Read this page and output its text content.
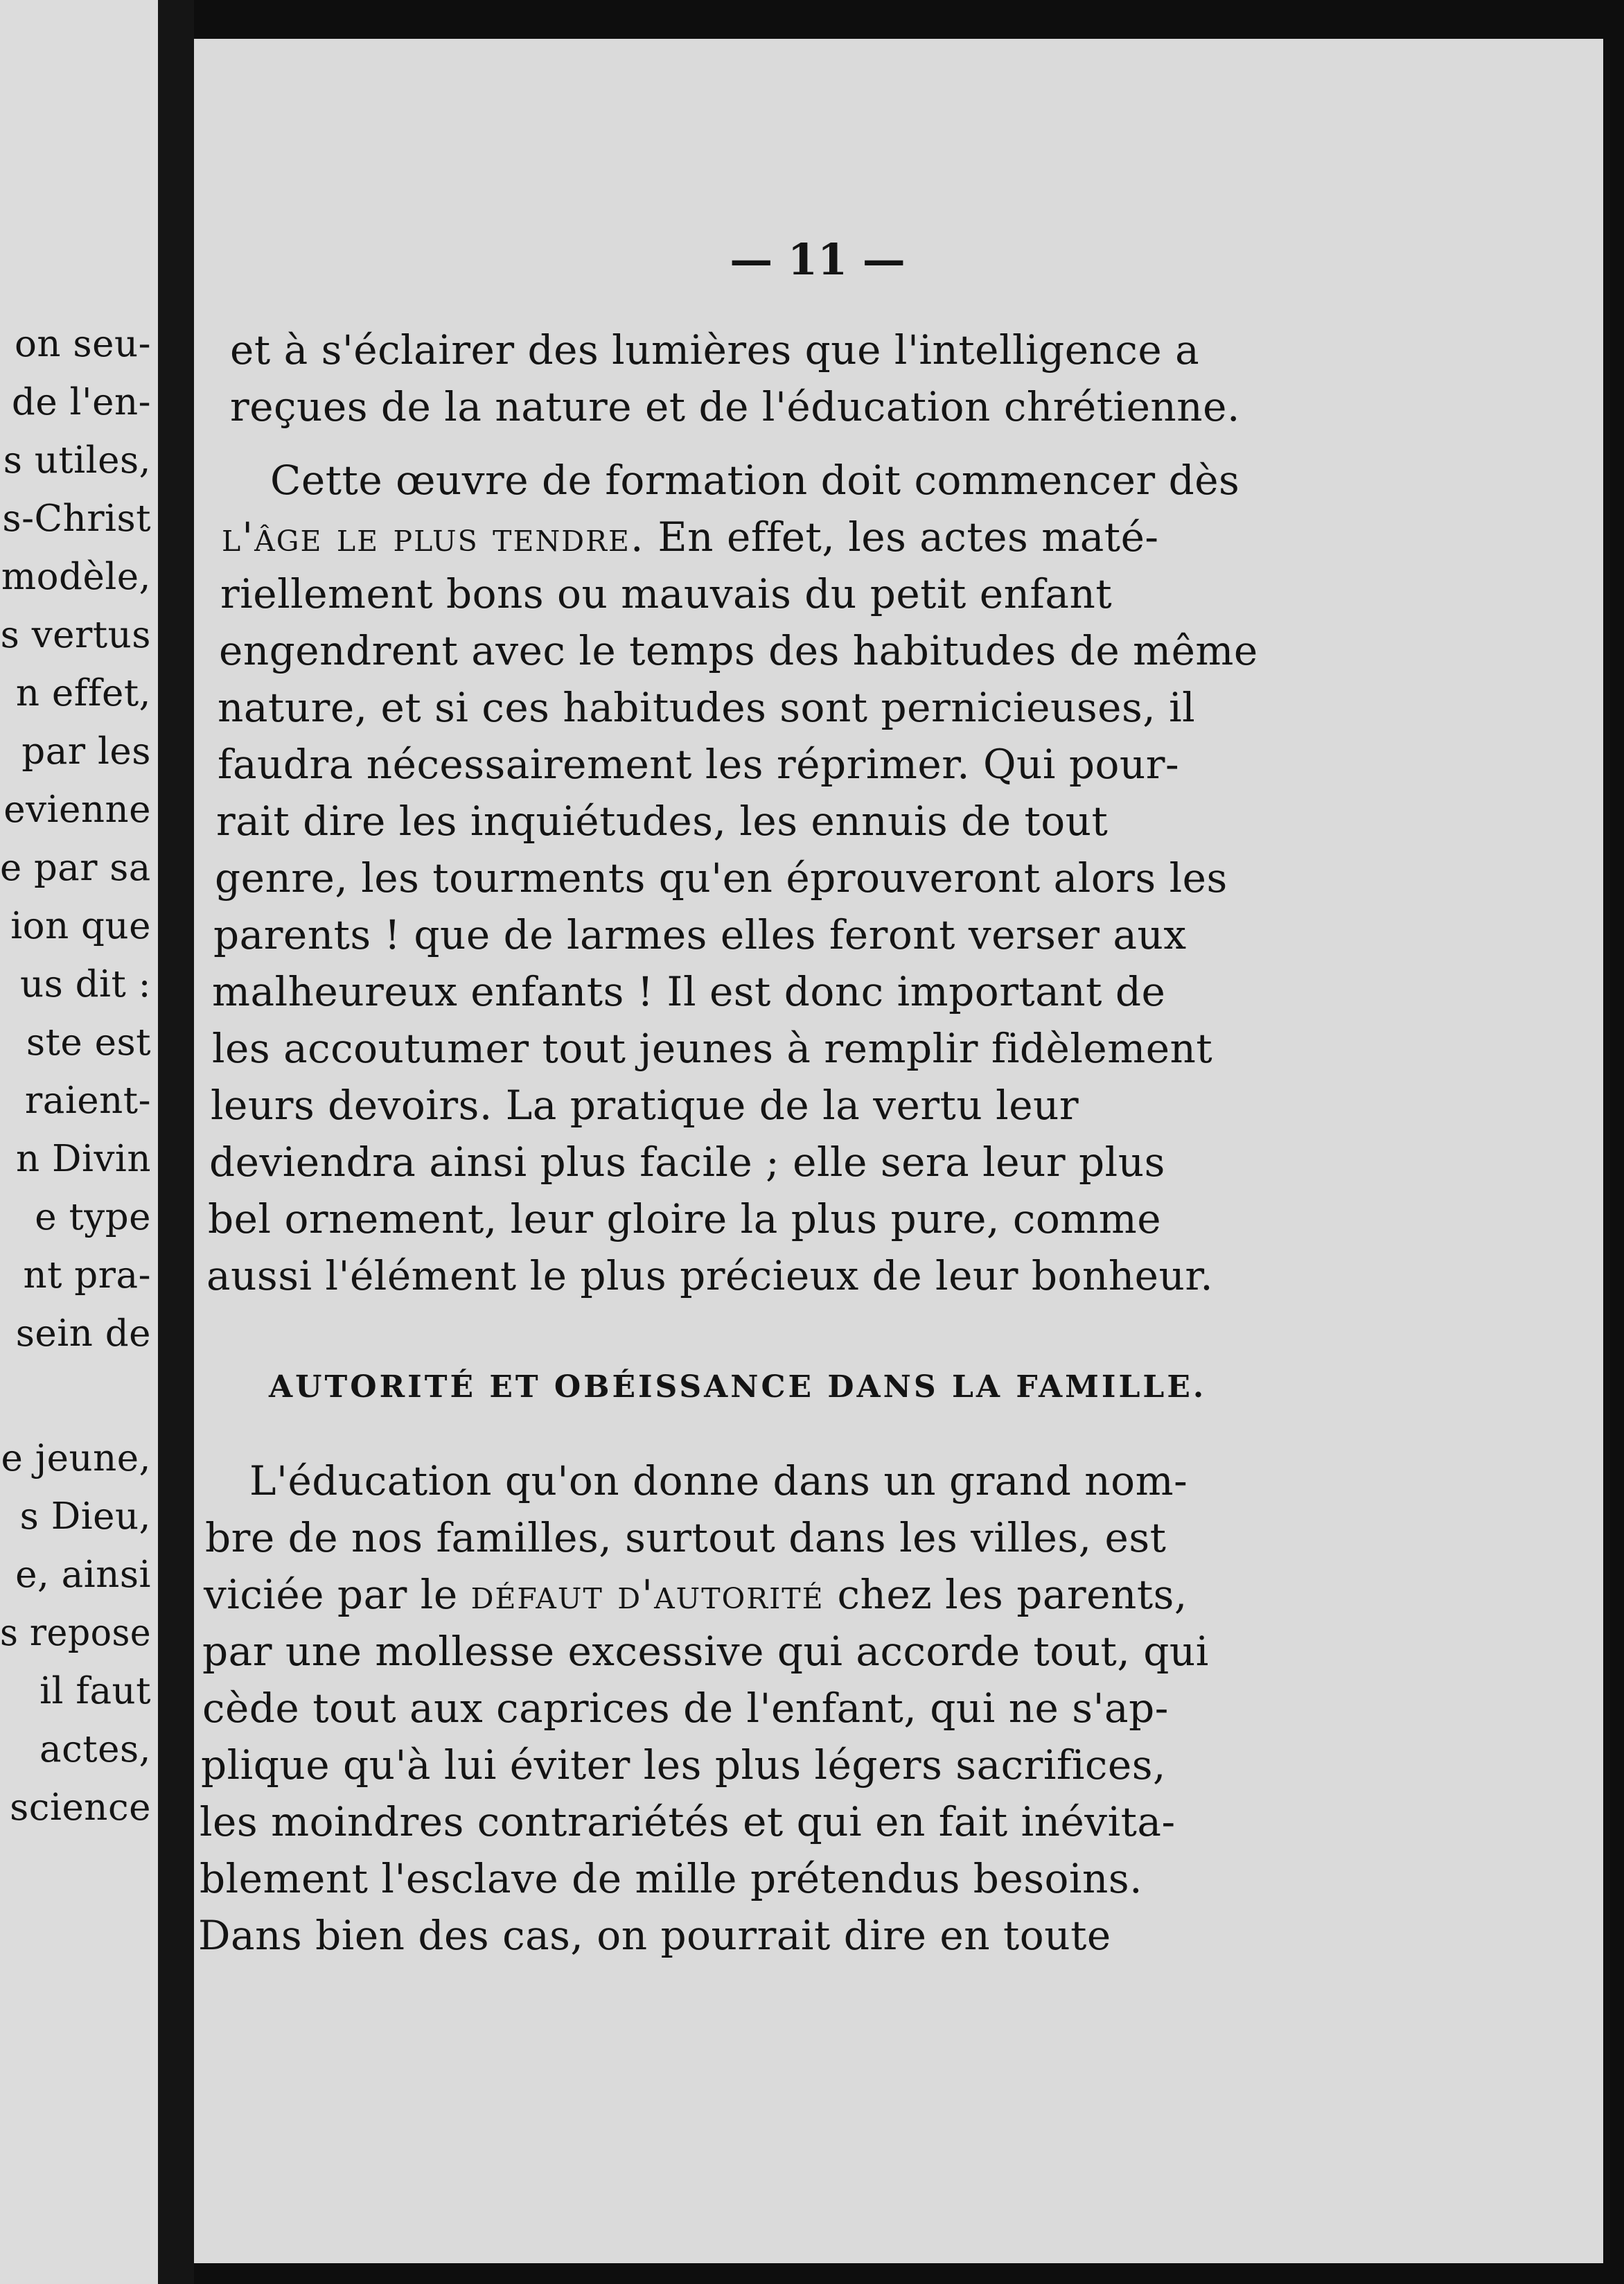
on seu-
de l'en-
s utiles,
s-Christ
modèle,
s vertus
n effet,
par les
evienne
e par sa
ion que
us dit :
ste est
raient-
n Divin
e type
nt pra-
sein de
e jeune,
s Dieu,
e, ainsi
s repose
il faut
actes,
science
— 11 —
et à s'éclairer des lumières que l'intelligence a
reçues de la nature et de l'éducation chrétienne.
Cette œuvre de formation doit commencer dès
l'âge le plus tendre. En effet, les actes maté-
riellement bons ou mauvais du petit enfant
engendrent avec le temps des habitudes de même
nature, et si ces habitudes sont pernicieuses, il
faudra nécessairement les réprimer. Qui pour-
rait dire les inquiétudes, les ennuis de tout
genre, les tourments qu'en éprouveront alors les
parents ! que de larmes elles feront verser aux
malheureux enfants ! Il est donc important de
les accoutumer tout jeunes à remplir fidèlement
leurs devoirs. La pratique de la vertu leur
deviendra ainsi plus facile ; elle sera leur plus
bel ornement, leur gloire la plus pure, comme
aussi l'élément le plus précieux de leur bonheur.
AUTORITÉ ET OBÉISSANCE DANS LA FAMILLE.
L'éducation qu'on donne dans un grand nom-
bre de nos familles, surtout dans les villes, est
viciée par le défaut d'autorité chez les parents,
par une mollesse excessive qui accorde tout, qui
cède tout aux caprices de l'enfant, qui ne s'ap-
plique qu'à lui éviter les plus légers sacrifices,
les moindres contrariétés et qui en fait inévita-
blement l'esclave de mille prétendus besoins.
Dans bien des cas, on pourrait dire en toute
